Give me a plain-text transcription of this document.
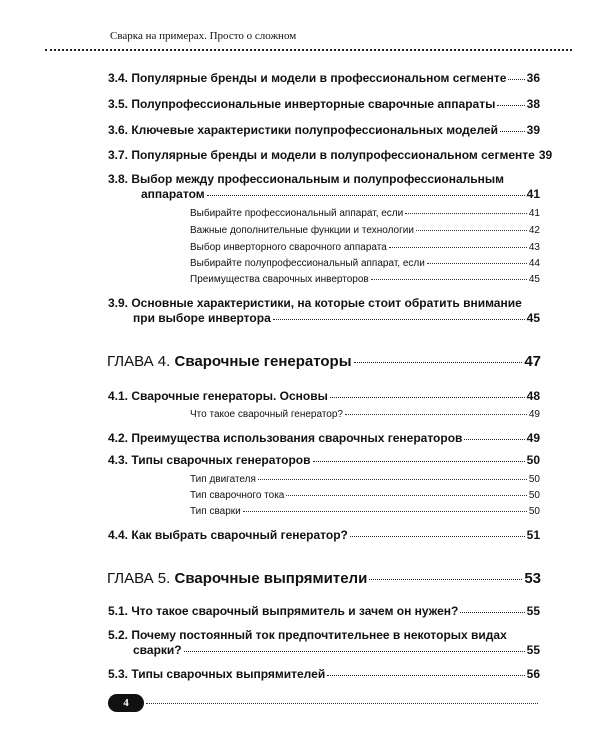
Сварка на примерах. Просто о сложном
3.4. Популярные бренды и модели в профессиональном сегменте 36
3.5. Полупрофессиональные инверторные сварочные аппараты	38
3.6. Ключевые характеристики полупрофессиональных моделей 39
3.7. Популярные бренды и модели в полупрофессиональном сегменте 39
3.8. Выбор между профессиональным и полупрофессиональным
аппаратом	41
Выбирайте профессиональный аппарат, если	41
Важные дополнительные функции и технологии	42
Выбор инверторного сварочного аппарата	43
Выбирайте полупрофессиональный аппарат, если	44
Преимущества сварочных инверторов	45
3.9. Основные характеристики, на которые стоит обратить внимание
при выборе инвертора	45
ГЛАВА 4. Сварочные генераторы	47
4.1. Сварочные генераторы. Основы	48
Что такое сварочный генератор?	49
4.2. Преимущества использования сварочных генераторов	49
4.3. Типы сварочных генераторов	50
Тип двигателя	50
Тип сварочного тока	50
Тип сварки	50
4.4. Как выбрать сварочный генератор?	51
ГЛАВА 5. Сварочные выпрямители	53
5.1. Что такое сварочный выпрямитель и зачем он нужен?	55
5.2. Почему постоянный ток предпочтительнее в некоторых видах
сварки?	55
5.3. Типы сварочных выпрямителей	56
4
